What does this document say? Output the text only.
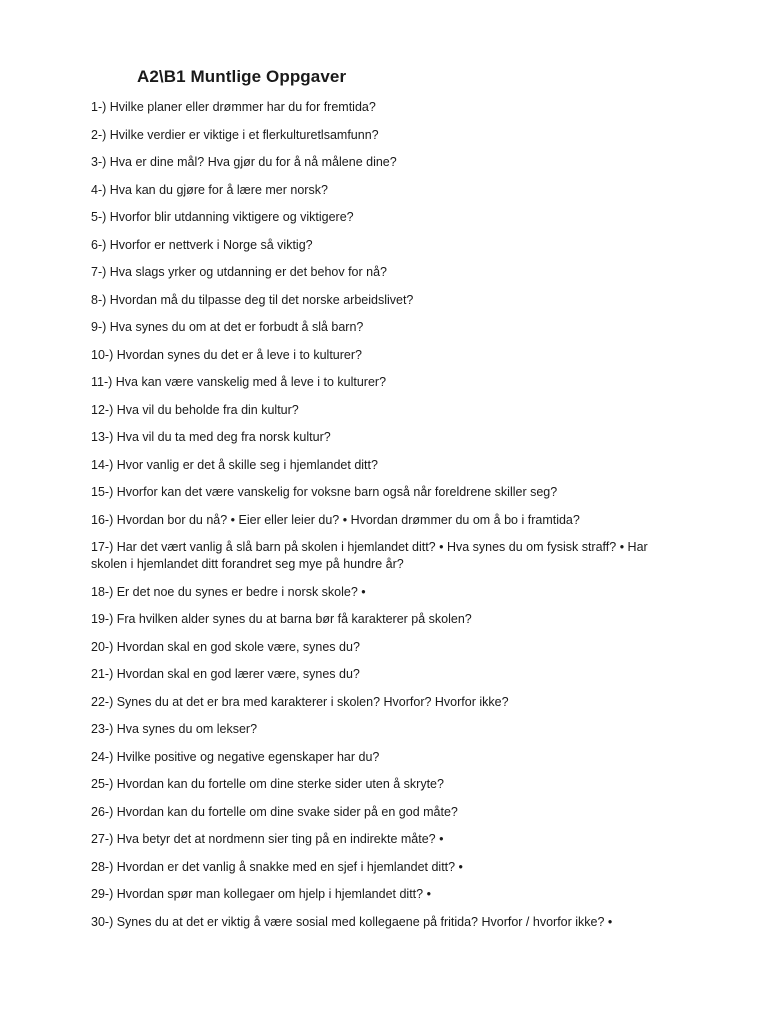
A2\B1 Muntlige Oppgaver
1-) Hvilke planer eller drømmer har du for fremtida?
2-) Hvilke verdier er viktige i et flerkulturetlsamfunn?
3-) Hva er dine mål? Hva gjør du for å nå målene dine?
4-) Hva kan du gjøre for å lære mer norsk?
5-) Hvorfor blir utdanning viktigere og viktigere?
6-) Hvorfor er nettverk i Norge så viktig?
7-) Hva slags yrker og utdanning er det behov for nå?
8-) Hvordan må du tilpasse deg til det norske arbeidslivet?
9-) Hva synes du om at det er forbudt å slå barn?
10-) Hvordan synes du det er å leve i to kulturer?
11-) Hva kan være vanskelig med å leve i to kulturer?
12-) Hva vil du beholde fra din kultur?
13-) Hva vil du ta med deg fra norsk kultur?
14-) Hvor vanlig er det å skille seg i hjemlandet ditt?
15-) Hvorfor kan det være vanskelig for voksne barn også når foreldrene skiller seg?
16-) Hvordan bor du nå? • Eier eller leier du? • Hvordan drømmer du om å bo i framtida?
17-) Har det vært vanlig å slå barn på skolen i hjemlandet ditt? • Hva synes du om fysisk straff? • Har skolen i hjemlandet ditt forandret seg mye på hundre år?
18-) Er det noe du synes er bedre i norsk skole? •
19-) Fra hvilken alder synes du at barna bør få karakterer på skolen?
20-) Hvordan skal en god skole være, synes du?
21-) Hvordan skal en god lærer være, synes du?
22-) Synes du at det er bra med karakterer i skolen? Hvorfor? Hvorfor ikke?
23-) Hva synes du om lekser?
24-) Hvilke positive og negative egenskaper har du?
25-) Hvordan kan du fortelle om dine sterke sider uten å skryte?
26-) Hvordan kan du fortelle om dine svake sider på en god måte?
27-) Hva betyr det at nordmenn sier ting på en indirekte måte? •
28-) Hvordan er det vanlig å snakke med en sjef i hjemlandet ditt? •
29-) Hvordan spør man kollegaer om hjelp i hjemlandet ditt? •
30-) Synes du at det er viktig å være sosial med kollegaene på fritida? Hvorfor / hvorfor ikke? •
